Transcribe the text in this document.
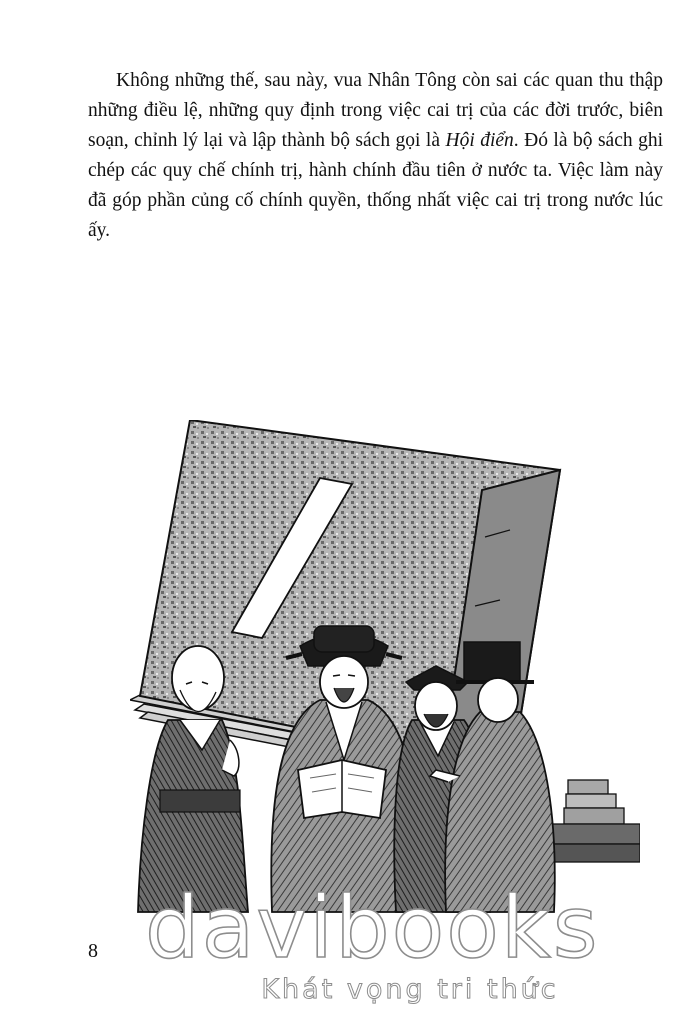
Không những thế, sau này, vua Nhân Tông còn sai các quan thu thập những điều lệ, những quy định trong việc cai trị của các đời trước, biên soạn, chỉnh lý lại và lập thành bộ sách gọi là Hội điển. Đó là bộ sách ghi chép các quy chế chính trị, hành chính đầu tiên ở nước ta. Việc làm này đã góp phần củng cố chính quyền, thống nhất việc cai trị trong nước lúc ấy.

8 davibooks
Khát vọng tri thức
